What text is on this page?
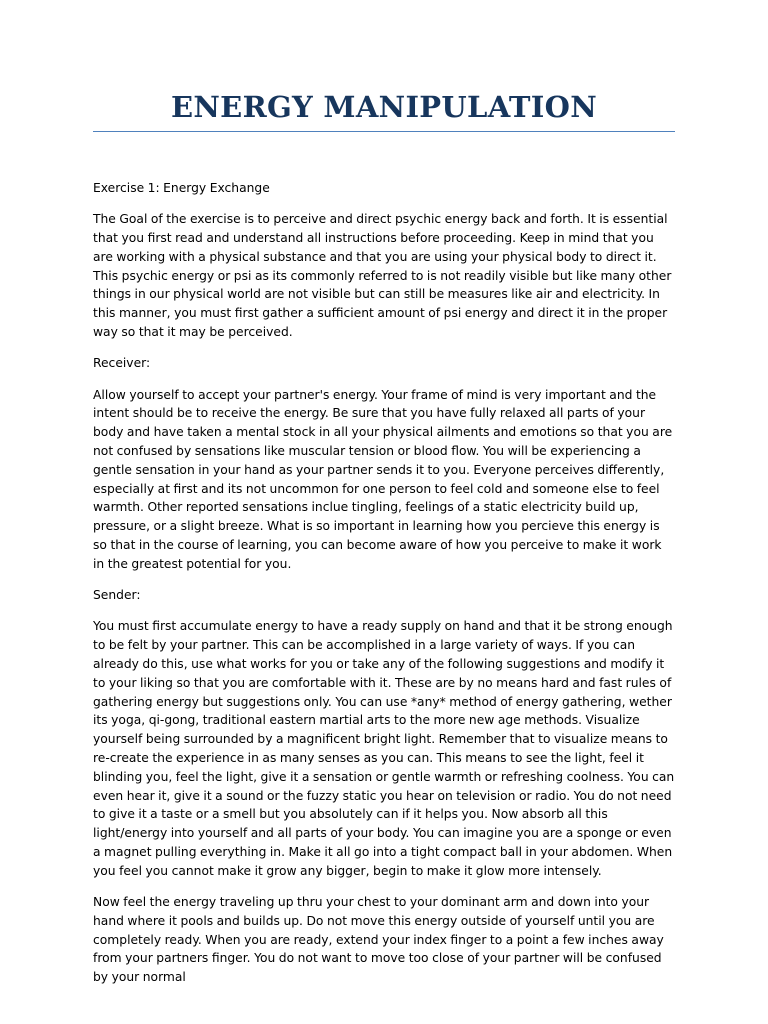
ENERGY MANIPULATION

Exercise 1: Energy Exchange

The Goal of the exercise is to perceive and direct psychic energy back and forth. It is essential that you first read and understand all instructions before proceeding. Keep in mind that you are working with a physical substance and that you are using your physical body to direct it. This psychic energy or psi as its commonly referred to is not readily visible but like many other things in our physical world are not visible but can still be measures like air and electricity. In this manner, you must first gather a sufficient amount of psi energy and direct it in the proper way so that it may be perceived.

Receiver:

Allow yourself to accept your partner's energy. Your frame of mind is very important and the intent should be to receive the energy. Be sure that you have fully relaxed all parts of your body and have taken a mental stock in all your physical ailments and emotions so that you are not confused by sensations like muscular tension or blood flow. You will be experiencing a gentle sensation in your hand as your partner sends it to you. Everyone perceives differently, especially at first and its not uncommon for one person to feel cold and someone else to feel warmth. Other reported sensations inclue tingling, feelings of a static electricity build up, pressure, or a slight breeze. What is so important in learning how you percieve this energy is so that in the course of learning, you can become aware of how you perceive to make it work in the greatest potential for you.

Sender:

You must first accumulate energy to have a ready supply on hand and that it be strong enough to be felt by your partner. This can be accomplished in a large variety of ways. If you can already do this, use what works for you or take any of the following suggestions and modify it to your liking so that you are comfortable with it. These are by no means hard and fast rules of gathering energy but suggestions only. You can use *any* method of energy gathering, wether its yoga, qi-gong, traditional eastern martial arts to the more new age methods. Visualize yourself being surrounded by a magnificent bright light. Remember that to visualize means to re-create the experience in as many senses as you can. This means to see the light, feel it blinding you, feel the light, give it a sensation or gentle warmth or refreshing coolness. You can even hear it, give it a sound or the fuzzy static you hear on television or radio. You do not need to give it a taste or a smell but you absolutely can if it helps you. Now absorb all this light/energy into yourself and all parts of your body. You can imagine you are a sponge or even a magnet pulling everything in. Make it all go into a tight compact ball in your abdomen. When you feel you cannot make it grow any bigger, begin to make it glow more intensely.

Now feel the energy traveling up thru your chest to your dominant arm and down into your hand where it pools and builds up. Do not move this energy outside of yourself until you are completely ready. When you are ready, extend your index finger to a point a few inches away from your partners finger. You do not want to move too close of your partner will be confused by your normal
